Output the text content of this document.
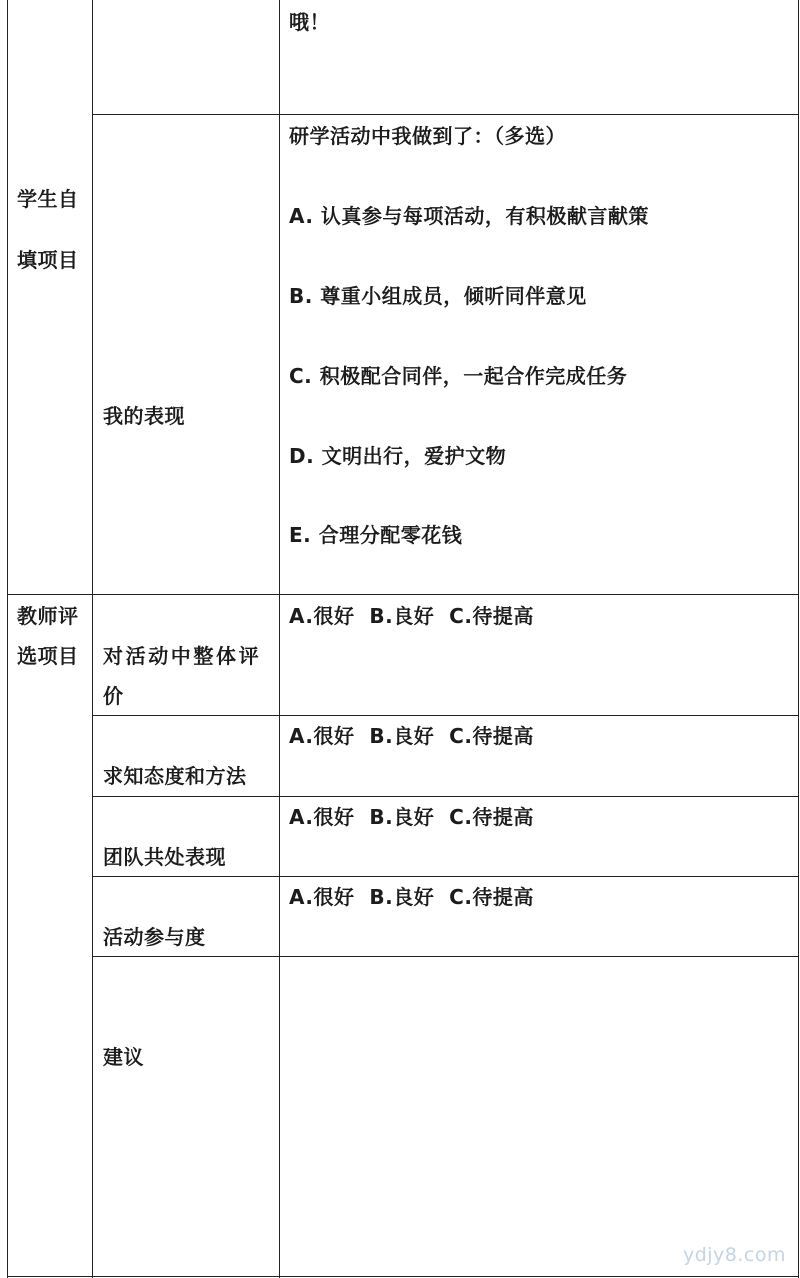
学生自
填项目
哦！
我的表现
研学活动中我做到了：（多选）
A. 认真参与每项活动，有积极献言献策
B. 尊重小组成员，倾听同伴意见
C. 积极配合同伴，一起合作完成任务
D. 文明出行，爱护文物
E. 合理分配零花钱
教师评
选项目 对活动中整体评
价
A.很好  B.良好  C.待提高
求知态度和方法
A.很好  B.良好  C.待提高
团队共处表现
A.很好  B.良好  C.待提高
活动参与度
A.很好  B.良好  C.待提高
建议
ydjy8.com
